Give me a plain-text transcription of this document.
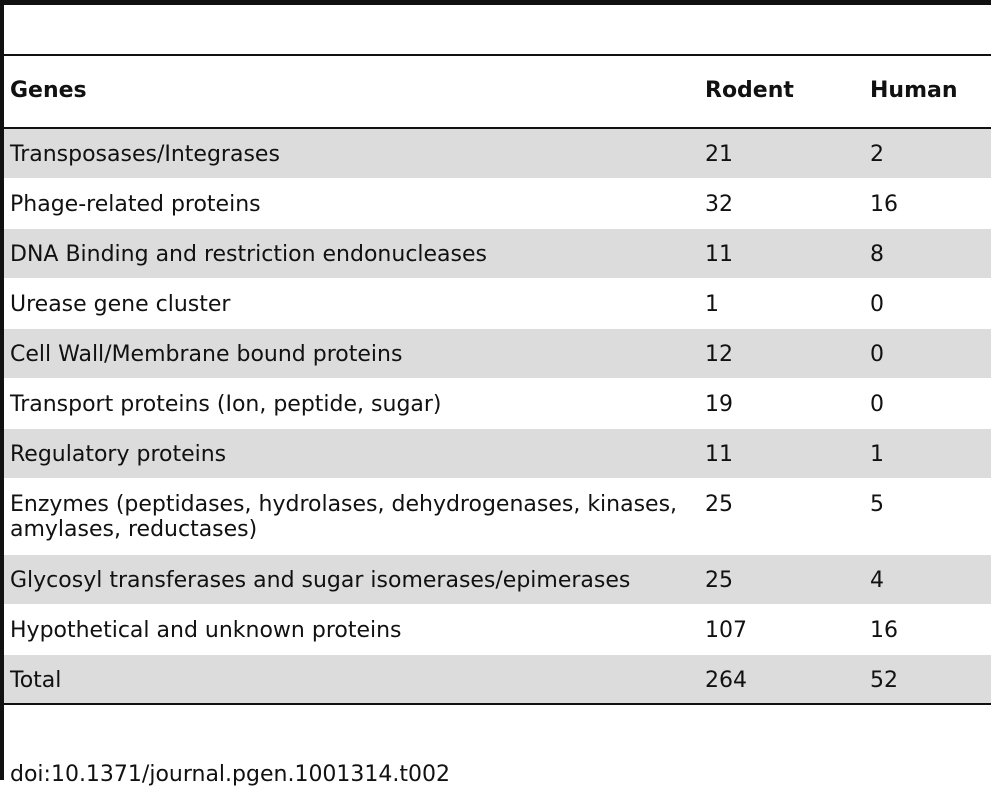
Genes	Rodent	Human
Transposases/Integrases	21	2
Phage-related proteins	32	16
DNA Binding and restriction endonucleases	11	8
Urease gene cluster	1	0
Cell Wall/Membrane bound proteins	12	0
Transport proteins (Ion, peptide, sugar)	19	0
Regulatory proteins	11	1
Enzymes (peptidases, hydrolases, dehydrogenases, kinases, amylases, reductases)	25	5
Glycosyl transferases and sugar isomerases/epimerases	25	4
Hypothetical and unknown proteins	107	16
Total	264	52
doi:10.1371/journal.pgen.1001314.t002
